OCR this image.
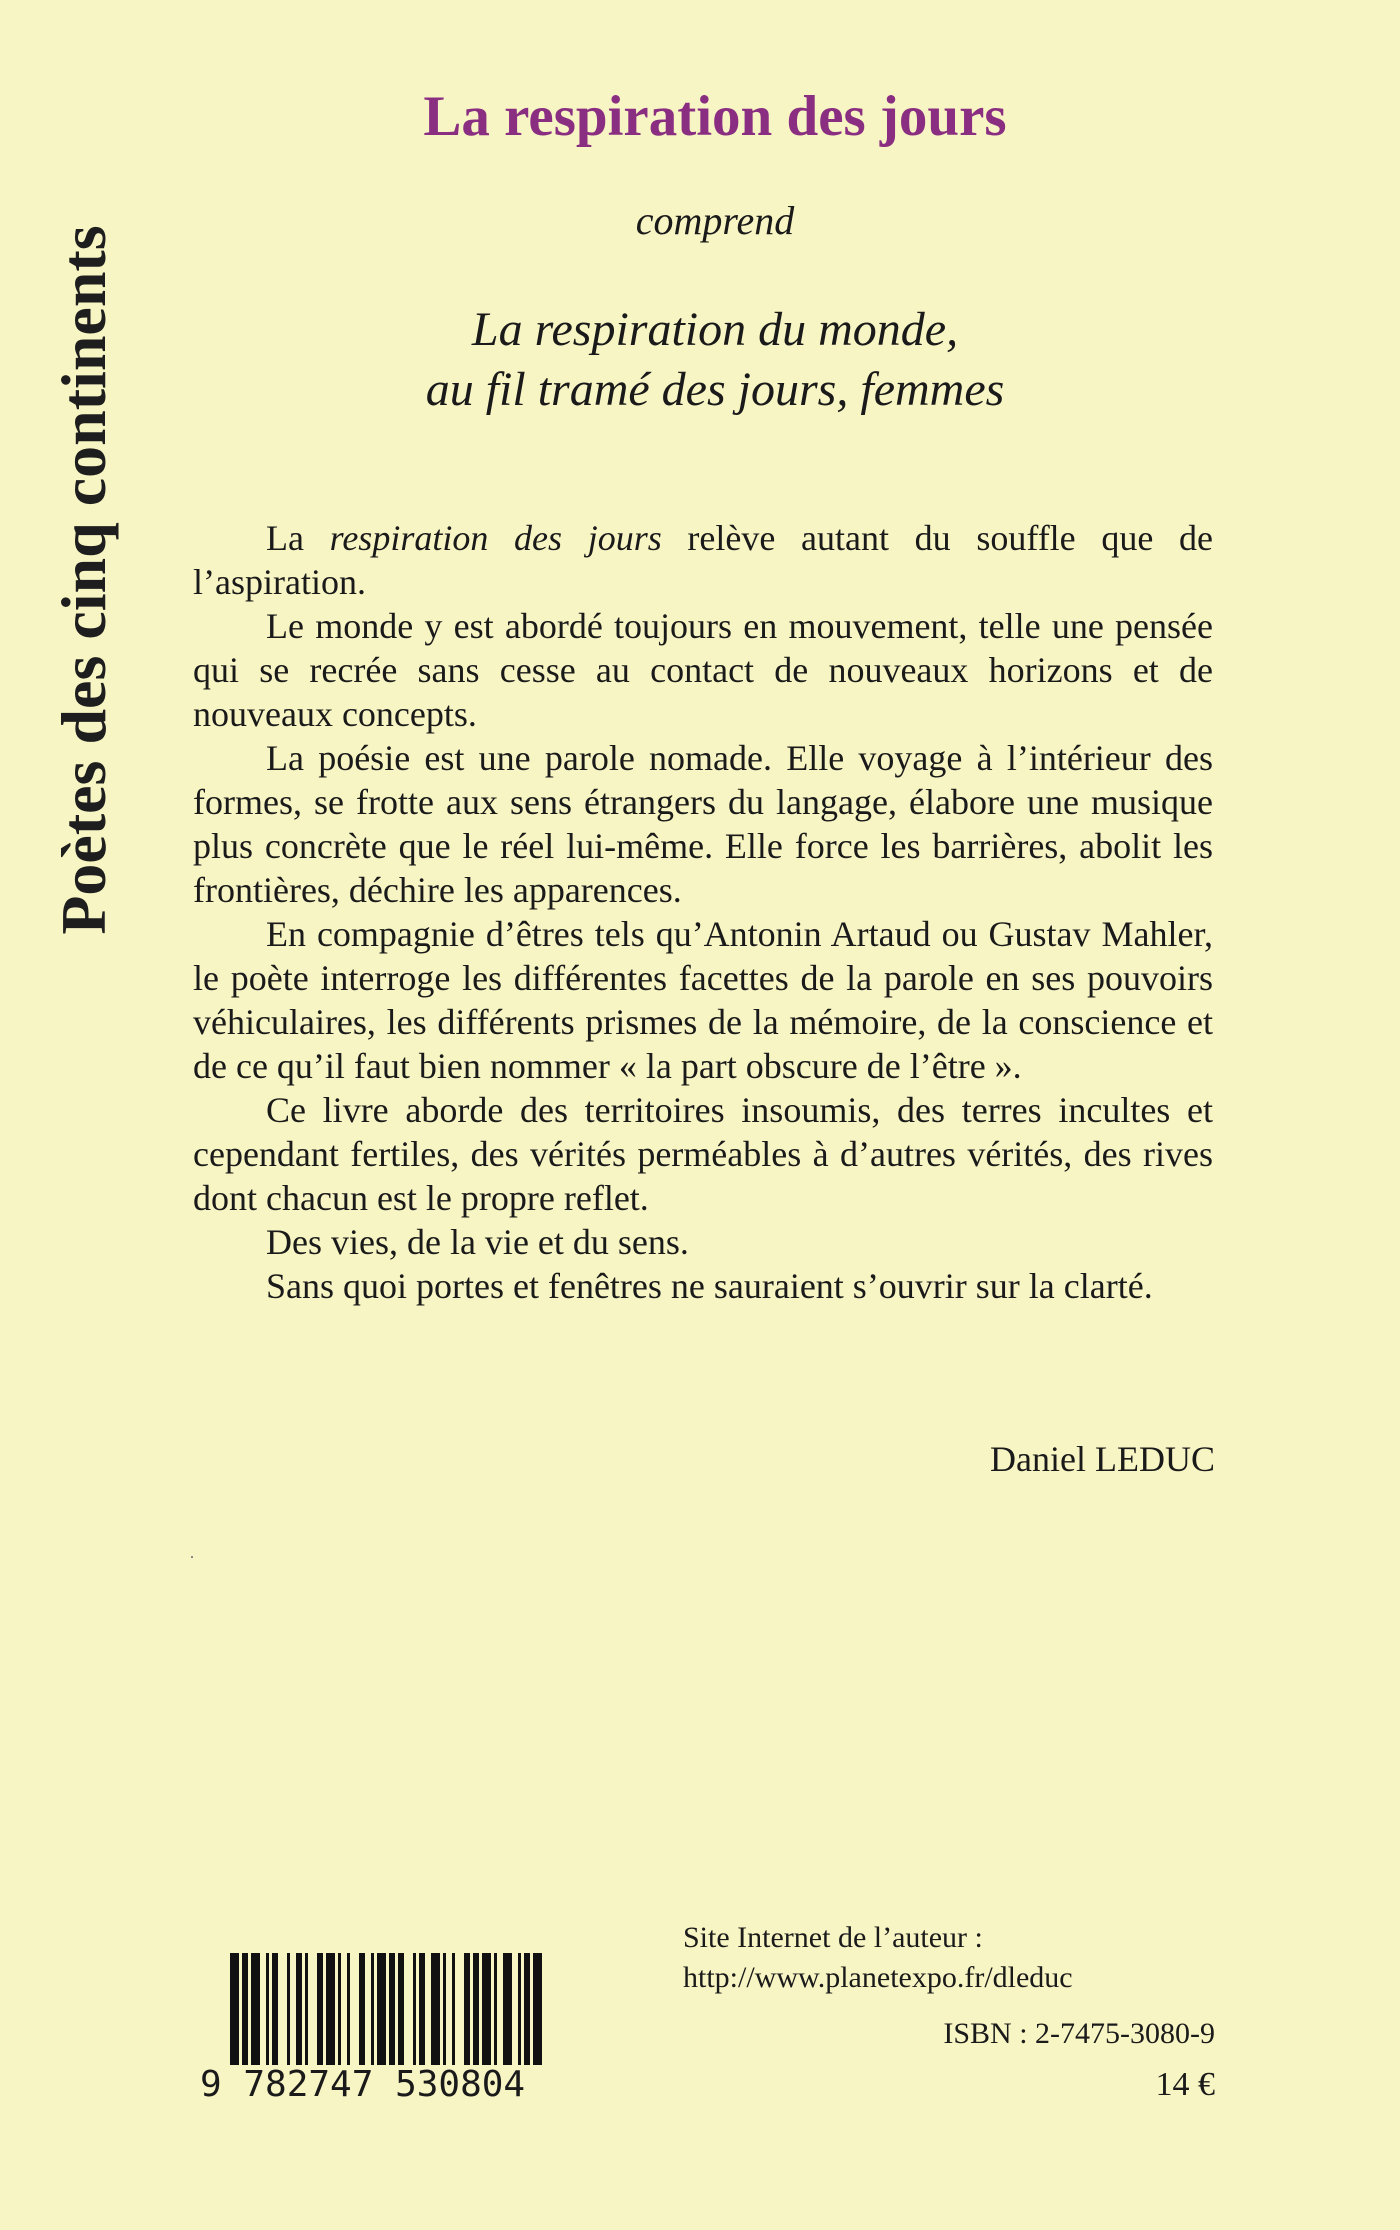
Poètes des cinq continents
La respiration des jours
comprend
La respiration du monde,
au fil tramé des jours, femmes

La respiration des jours relève autant du souffle que de l’aspiration.

Le monde y est abordé toujours en mouvement, telle une pensée qui se recrée sans cesse au contact de nouveaux horizons et de nouveaux concepts.

La poésie est une parole nomade. Elle voyage à l’intérieur des formes, se frotte aux sens étrangers du langage, élabore une musique plus concrète que le réel lui-même. Elle force les barrières, abolit les frontières, déchire les apparences.

En compagnie d’êtres tels qu’Antonin Artaud ou Gustav Mahler, le poète interroge les différentes facettes de la parole en ses pouvoirs véhiculaires, les différents prismes de la mémoire, de la conscience et de ce qu’il faut bien nommer « la part obscure de l’être ».

Ce livre aborde des territoires insoumis, des terres incultes et cependant fertiles, des vérités perméables à d’autres vérités, des rives dont chacun est le propre reflet.

Des vies, de la vie et du sens.

Sans quoi portes et fenêtres ne sauraient s’ouvrir sur la clarté.

Daniel LEDUC
Site Internet de l’auteur :
http://www.planetexpo.fr/dleduc
9 782747 530804
ISBN : 2-7475-3080-9
14 €
